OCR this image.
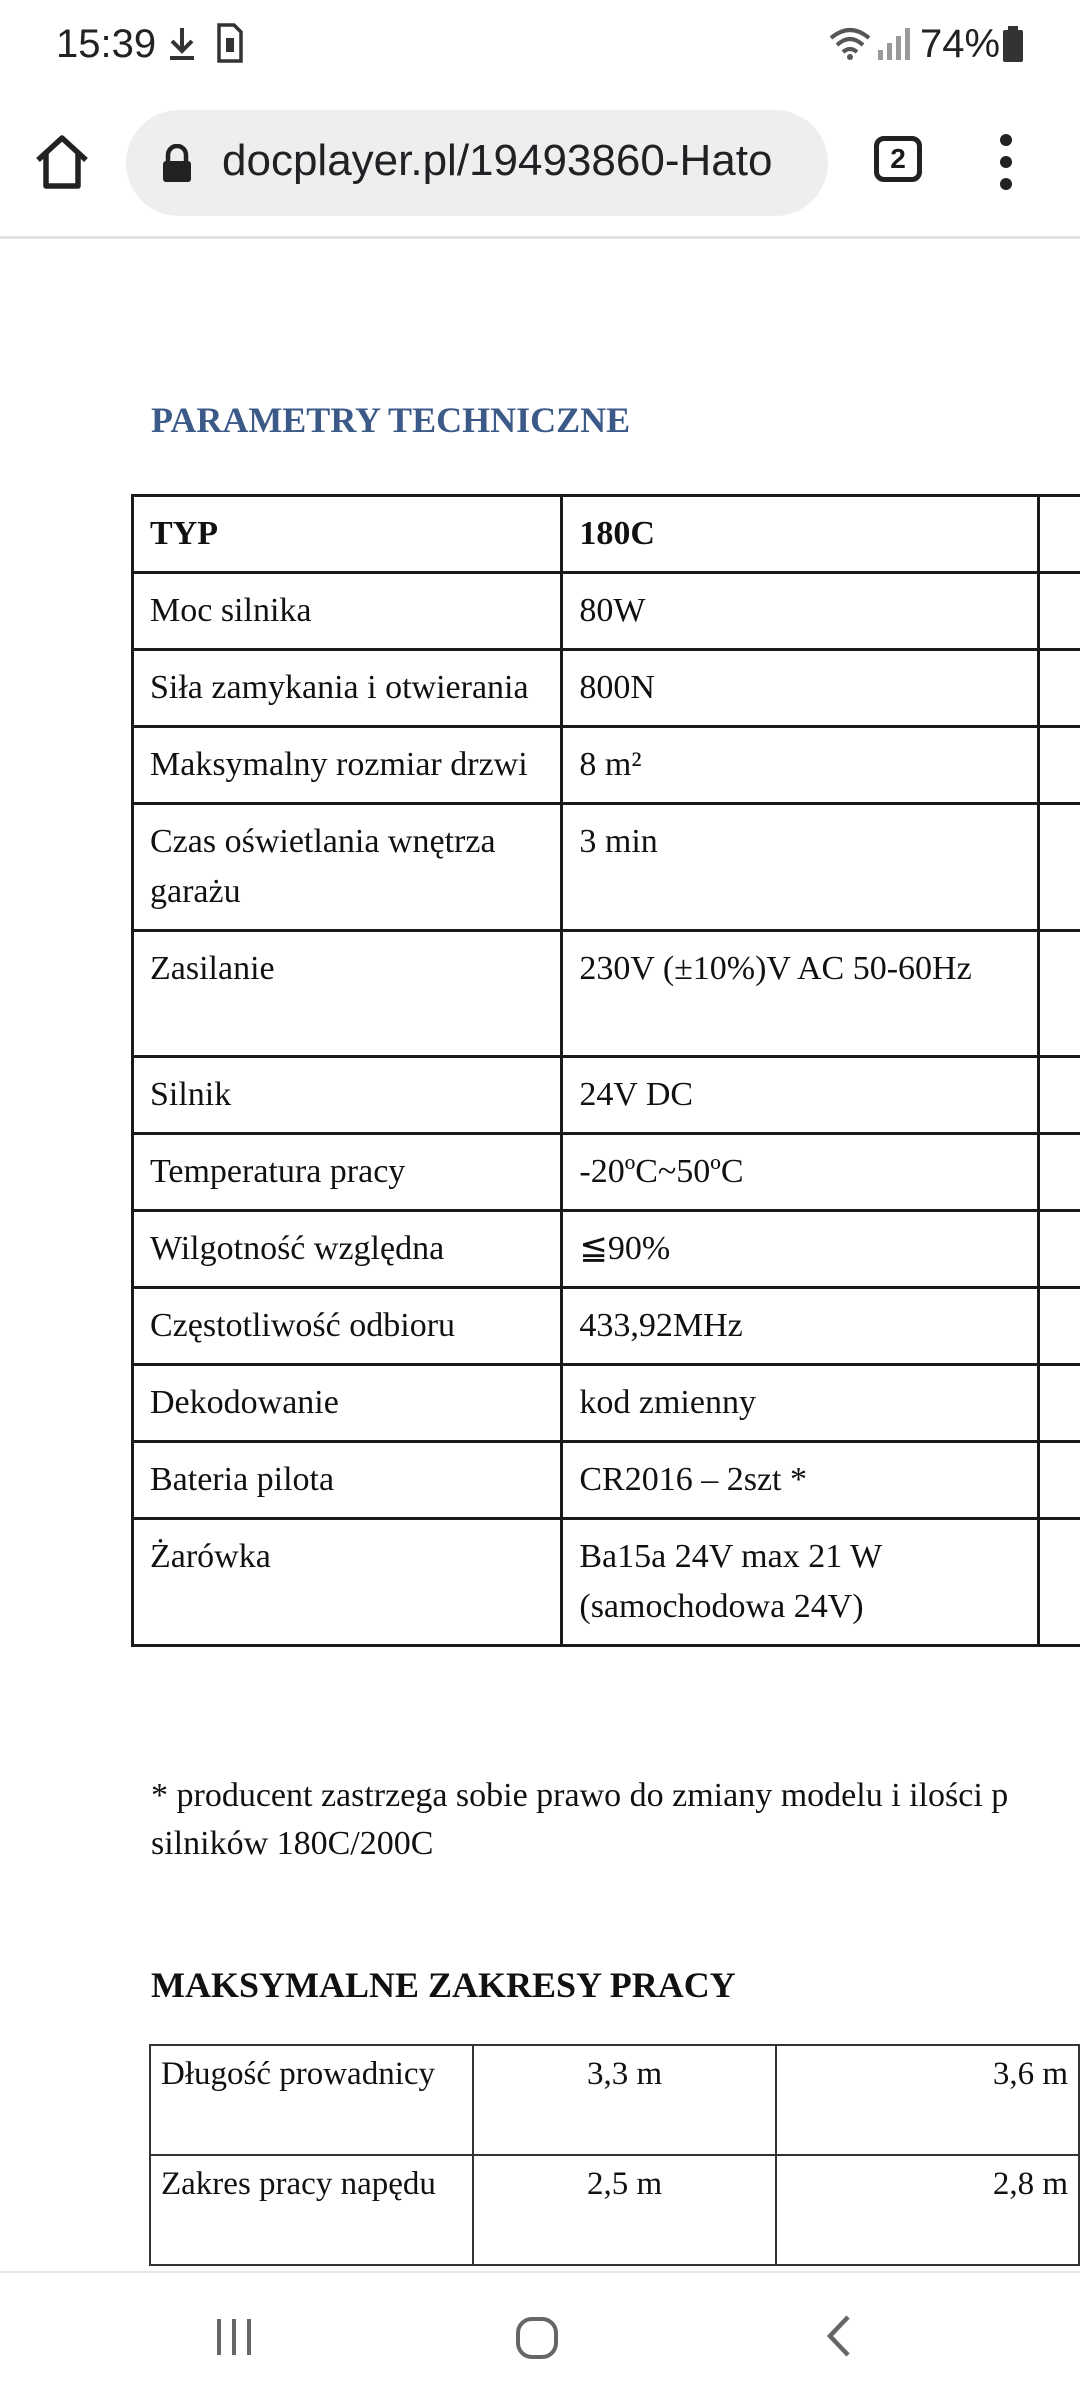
15:39	74%
docplayer.pl/19493860-Hato	2
PARAMETRY TECHNICZNE
TYP	180C	
Moc silnika	80W	
Siła zamykania i otwierania	800N	
Maksymalny rozmiar drzwi	8 m²	
Czas oświetlania wnętrza garażu	3 min	
Zasilanie	230V (±10%)V AC 50-60Hz	
Silnik	24V DC	
Temperatura pracy	-20ºC~50ºC	
Wilgotność względna	≦90%	
Częstotliwość odbioru	433,92MHz	
Dekodowanie	kod zmienny	
Bateria pilota	CR2016 – 2szt *	
Żarówka	Ba15a 24V max 21 W (samochodowa 24V)	
* producent zastrzega sobie prawo do zmiany modelu i ilości p silników 180C/200C
MAKSYMALNE ZAKRESY PRACY
Długość prowadnicy	3,3 m	3,6 m
Zakres pracy napędu	2,5 m	2,8 m
